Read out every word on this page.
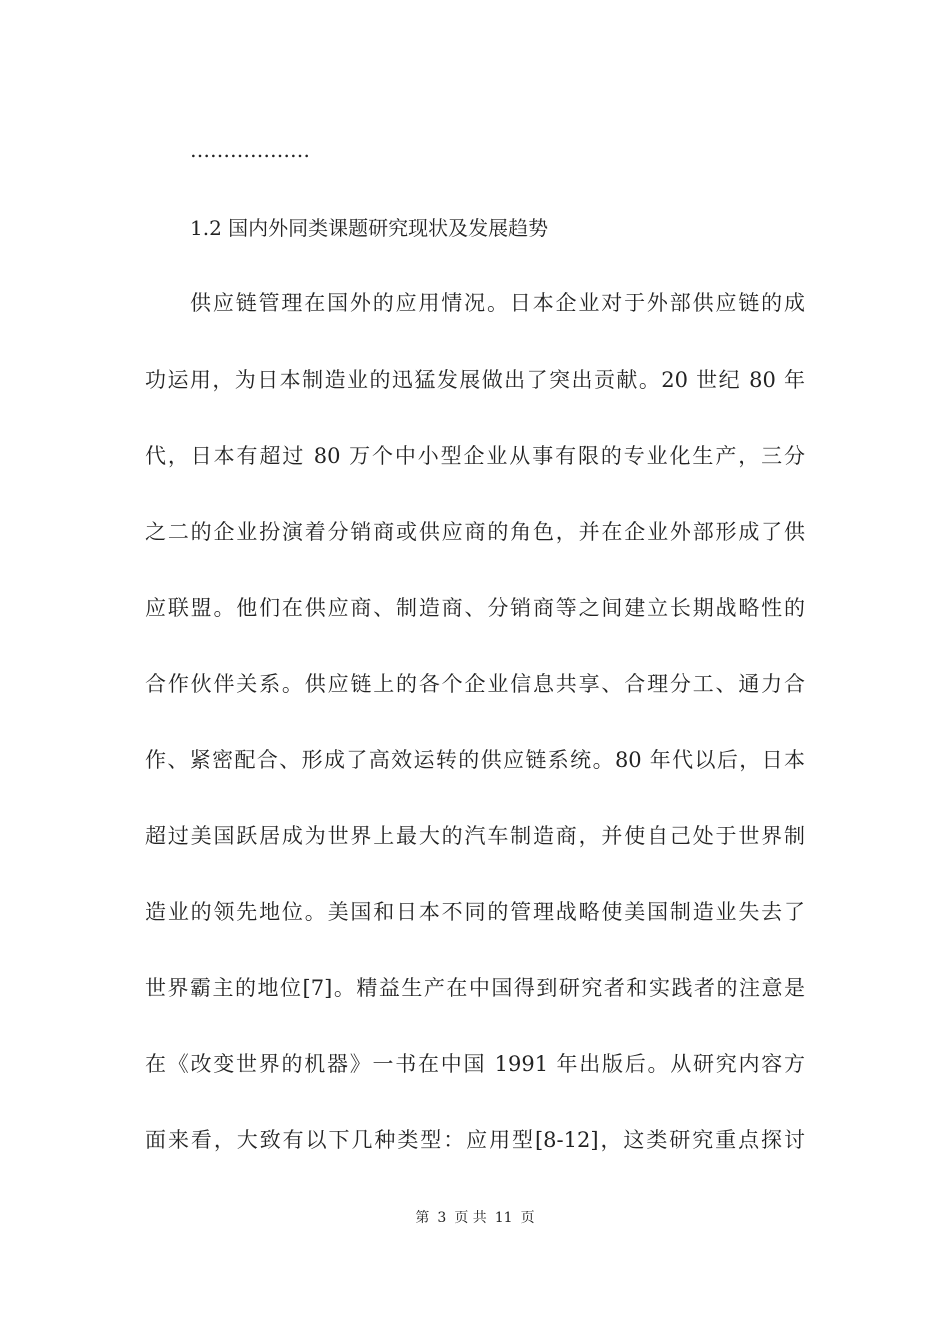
………………
1.2 国内外同类课题研究现状及发展趋势
供应链管理在国外的应用情况。日本企业对于外部供应链的成
功运用，为日本制造业的迅猛发展做出了突出贡献。20 世纪 80 年
代，日本有超过 80 万个中小型企业从事有限的专业化生产，三分
之二的企业扮演着分销商或供应商的角色，并在企业外部形成了供
应联盟。他们在供应商、制造商、分销商等之间建立长期战略性的
合作伙伴关系。供应链上的各个企业信息共享、合理分工、通力合
作、紧密配合、形成了高效运转的供应链系统。80 年代以后，日本
超过美国跃居成为世界上最大的汽车制造商，并使自己处于世界制
造业的领先地位。美国和日本不同的管理战略使美国制造业失去了
世界霸主的地位[7]。精益生产在中国得到研究者和实践者的注意是
在《改变世界的机器》一书在中国 1991 年出版后。从研究内容方
面来看，大致有以下几种类型：应用型[8-12]，这类研究重点探讨
第 3 页 共 11 页
